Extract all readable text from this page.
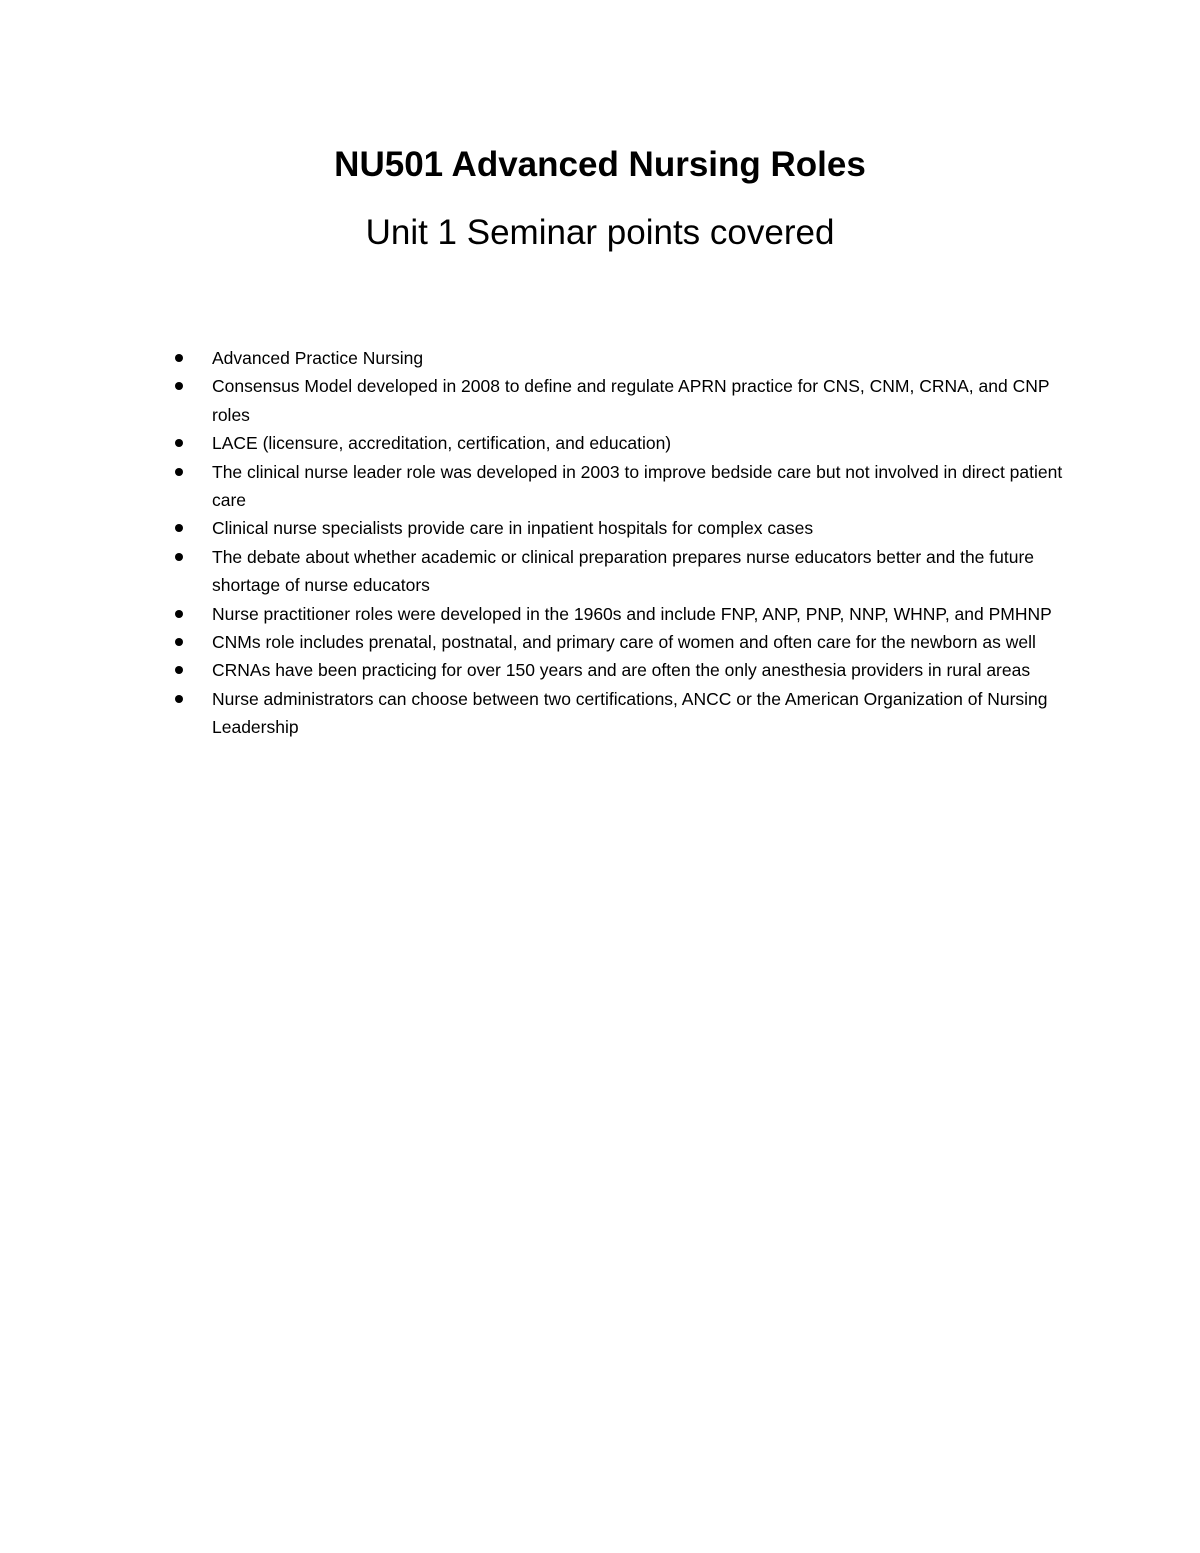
NU501 Advanced Nursing Roles
Unit 1 Seminar points covered
Advanced Practice Nursing
Consensus Model developed in 2008 to define and regulate APRN practice for CNS, CNM, CRNA, and CNP roles
LACE (licensure, accreditation, certification, and education)
The clinical nurse leader role was developed in 2003 to improve bedside care but not involved in direct patient care
Clinical nurse specialists provide care in inpatient hospitals for complex cases
The debate about whether academic or clinical preparation prepares nurse educators better and the future shortage of nurse educators
Nurse practitioner roles were developed in the 1960s and include FNP, ANP, PNP, NNP, WHNP, and PMHNP
CNMs role includes prenatal, postnatal, and primary care of women and often care for the newborn as well
CRNAs have been practicing for over 150 years and are often the only anesthesia providers in rural areas
Nurse administrators can choose between two certifications, ANCC or the American Organization of Nursing Leadership
